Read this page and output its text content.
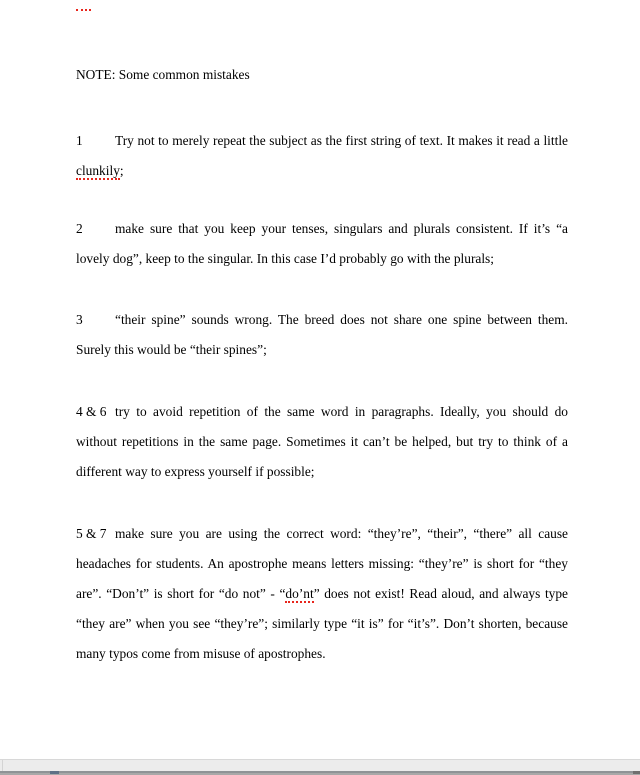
NOTE: Some common mistakes

1 Try not to merely repeat the subject as the first string of text. It makes it read a little clunkily;

2 make sure that you keep your tenses, singulars and plurals consistent. If it’s “a lovely dog”, keep to the singular. In this case I’d probably go with the plurals;

3 “their spine” sounds wrong. The breed does not share one spine between them. Surely this would be “their spines”;

4 & 6 try to avoid repetition of the same word in paragraphs. Ideally, you should do without repetitions in the same page. Sometimes it can’t be helped, but try to think of a different way to express yourself if possible;

5 & 7 make sure you are using the correct word: “they’re”, “their”, “there” all cause headaches for students. An apostrophe means letters missing: “they’re” is short for “they are”. “Don’t” is short for “do not” - “do’nt” does not exist! Read aloud, and always type “they are” when you see “they’re”; similarly type “it is” for “it’s”. Don’t shorten, because many typos come from misuse of apostrophes.
